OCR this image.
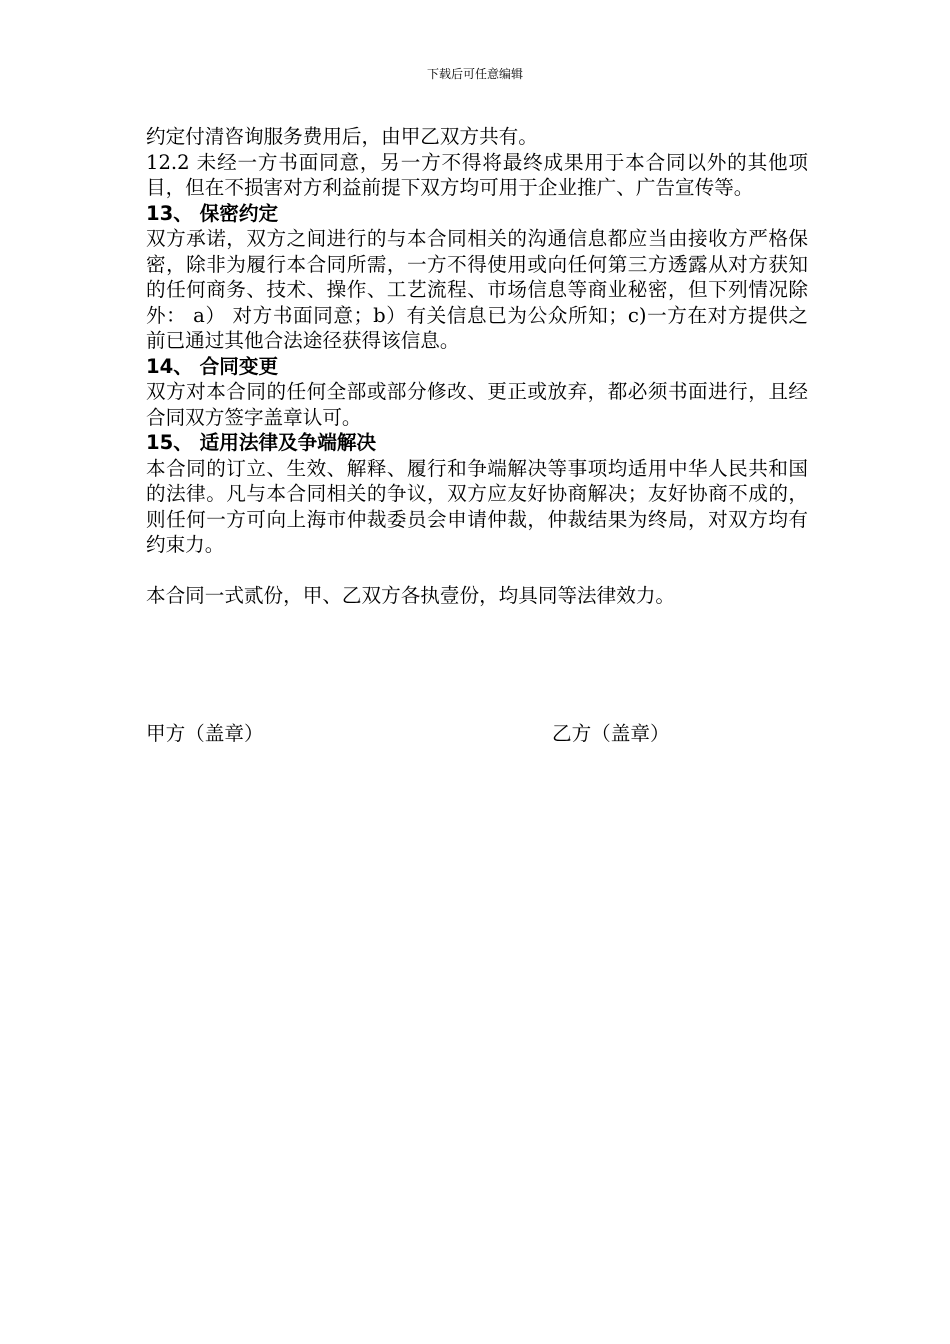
下载后可任意编辑

约定付清咨询服务费用后，由甲乙双方共有。

12.2 未经一方书面同意，另一方不得将最终成果用于本合同以外的其他项目，但在不损害对方利益前提下双方均可用于企业推广、广告宣传等。

13、 保密约定

双方承诺，双方之间进行的与本合同相关的沟通信息都应当由接收方严格保密，除非为履行本合同所需，一方不得使用或向任何第三方透露从对方获知的任何商务、技术、操作、工艺流程、市场信息等商业秘密，但下列情况除外： a） 对方书面同意；b）有关信息已为公众所知；c)一方在对方提供之前已通过其他合法途径获得该信息。

14、 合同变更

双方对本合同的任何全部或部分修改、更正或放弃，都必须书面进行，且经合同双方签字盖章认可。

15、 适用法律及争端解决

本合同的订立、生效、解释、履行和争端解决等事项均适用中华人民共和国的法律。凡与本合同相关的争议，双方应友好协商解决；友好协商不成的，则任何一方可向上海市仲裁委员会申请仲裁，仲裁结果为终局，对双方均有约束力。

本合同一式贰份，甲、乙双方各执壹份，均具同等法律效力。

甲方（盖章）	乙方（盖章）
